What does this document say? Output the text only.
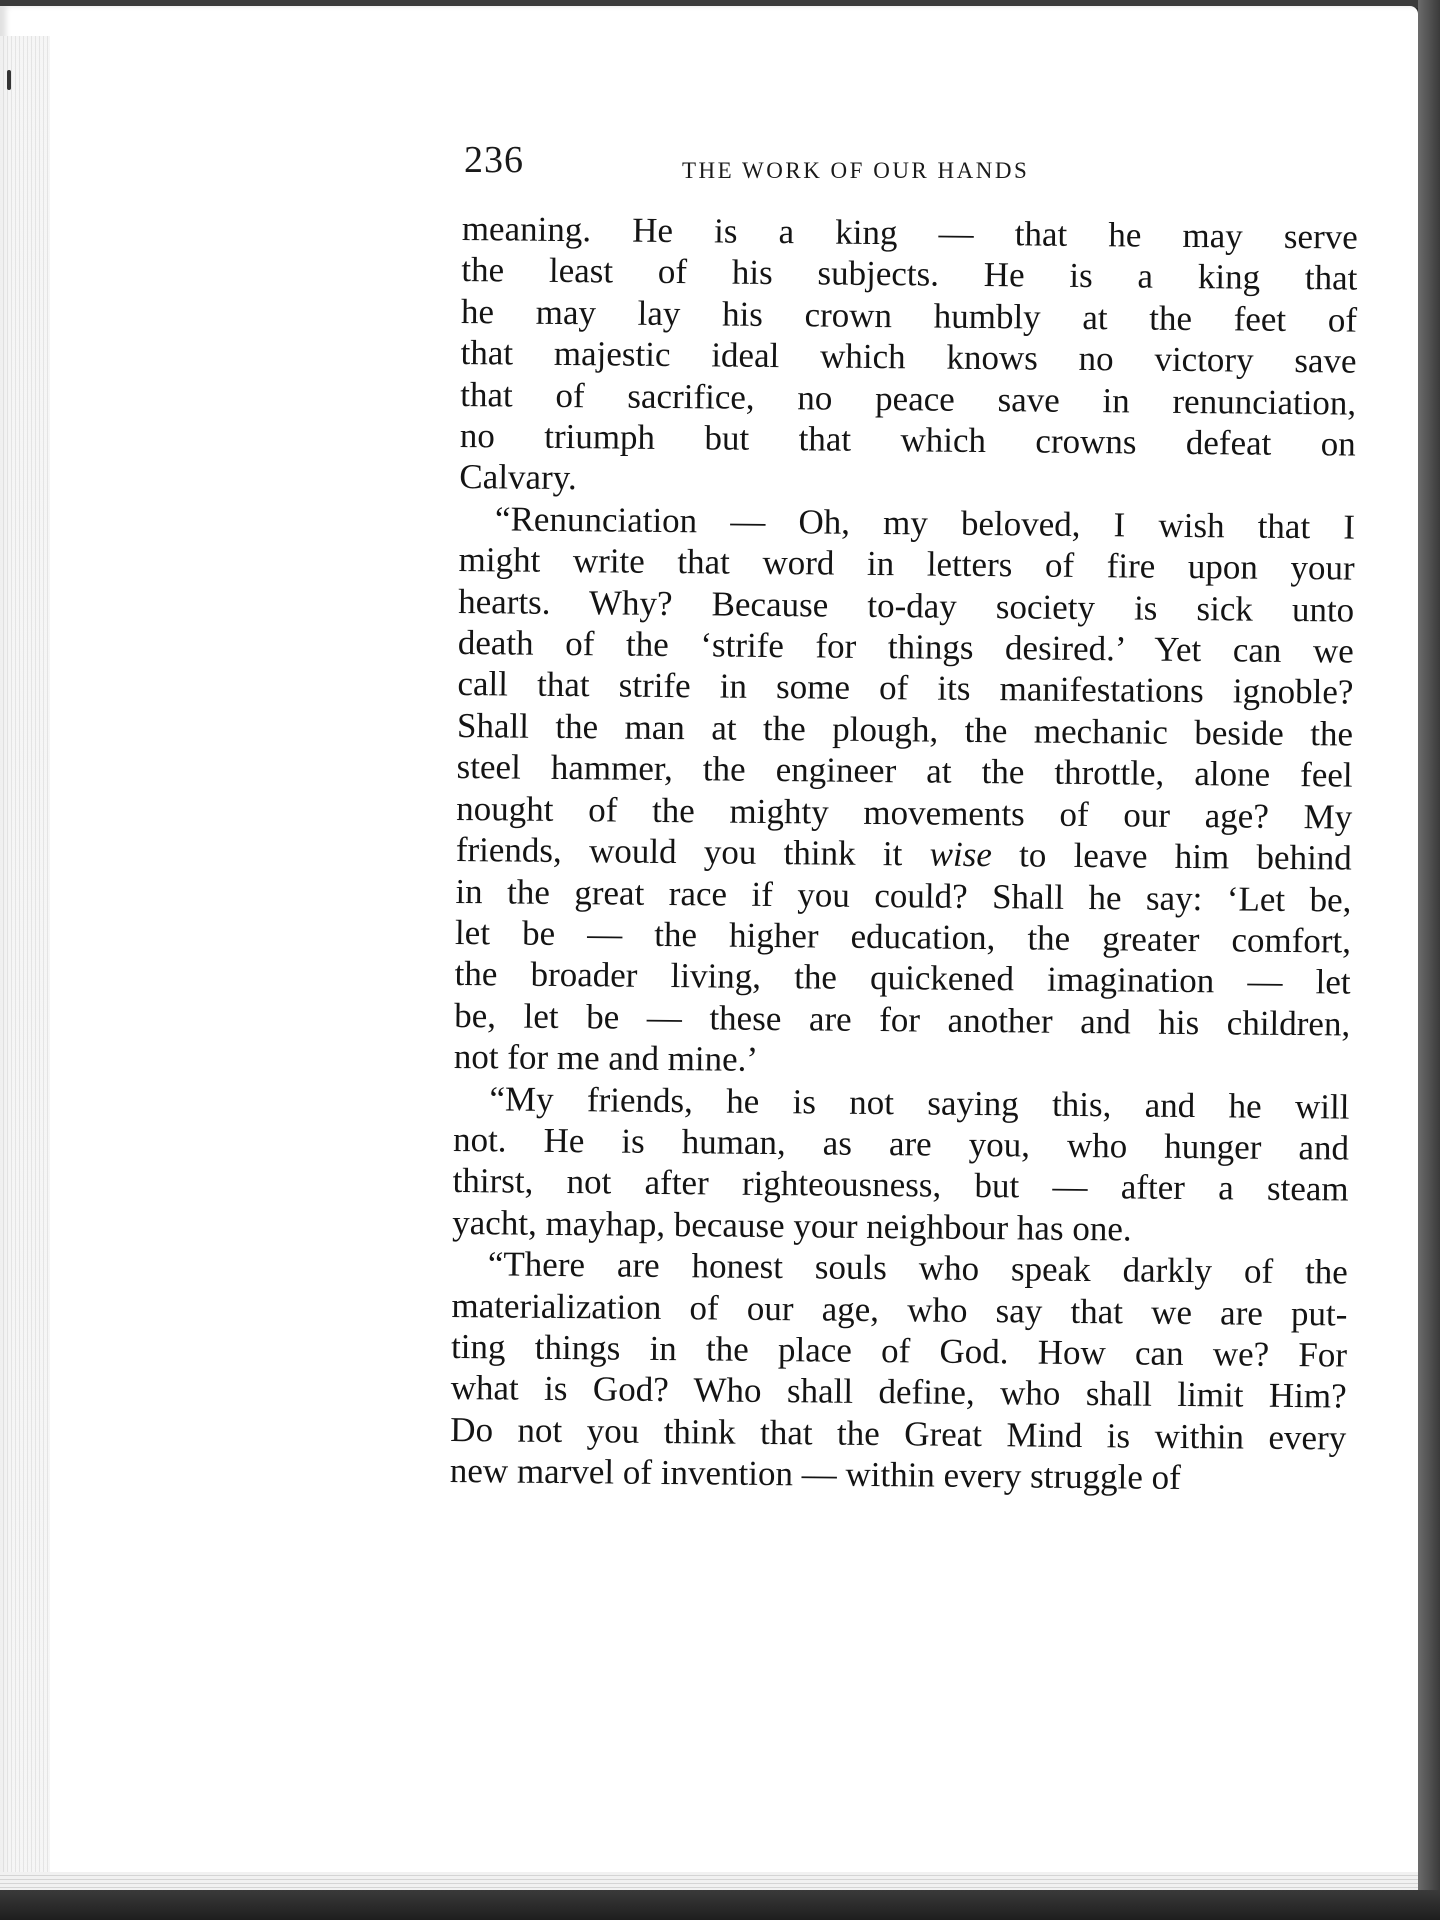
236	THE WORK OF OUR HANDS
meaning. He is a king — that he may serve
the least of his subjects. He is a king that
he may lay his crown humbly at the feet of
that majestic ideal which knows no victory save
that of sacrifice, no peace save in renunciation,
no triumph but that which crowns defeat on
Calvary.
“Renunciation — Oh, my beloved, I wish that I
might write that word in letters of fire upon your
hearts. Why? Because to-day society is sick unto
death of the ‘strife for things desired.’ Yet can we
call that strife in some of its manifestations ignoble?
Shall the man at the plough, the mechanic beside the
steel hammer, the engineer at the throttle, alone feel
nought of the mighty movements of our age? My
friends, would you think it wise to leave him behind
in the great race if you could? Shall he say: ‘Let be,
let be — the higher education, the greater comfort,
the broader living, the quickened imagination — let
be, let be — these are for another and his children,
not for me and mine.’
“My friends, he is not saying this, and he will
not. He is human, as are you, who hunger and
thirst, not after righteousness, but — after a steam
yacht, mayhap, because your neighbour has one.
“There are honest souls who speak darkly of the
materialization of our age, who say that we are put-
ting things in the place of God. How can we? For
what is God? Who shall define, who shall limit Him?
Do not you think that the Great Mind is within every
new marvel of invention — within every struggle of
